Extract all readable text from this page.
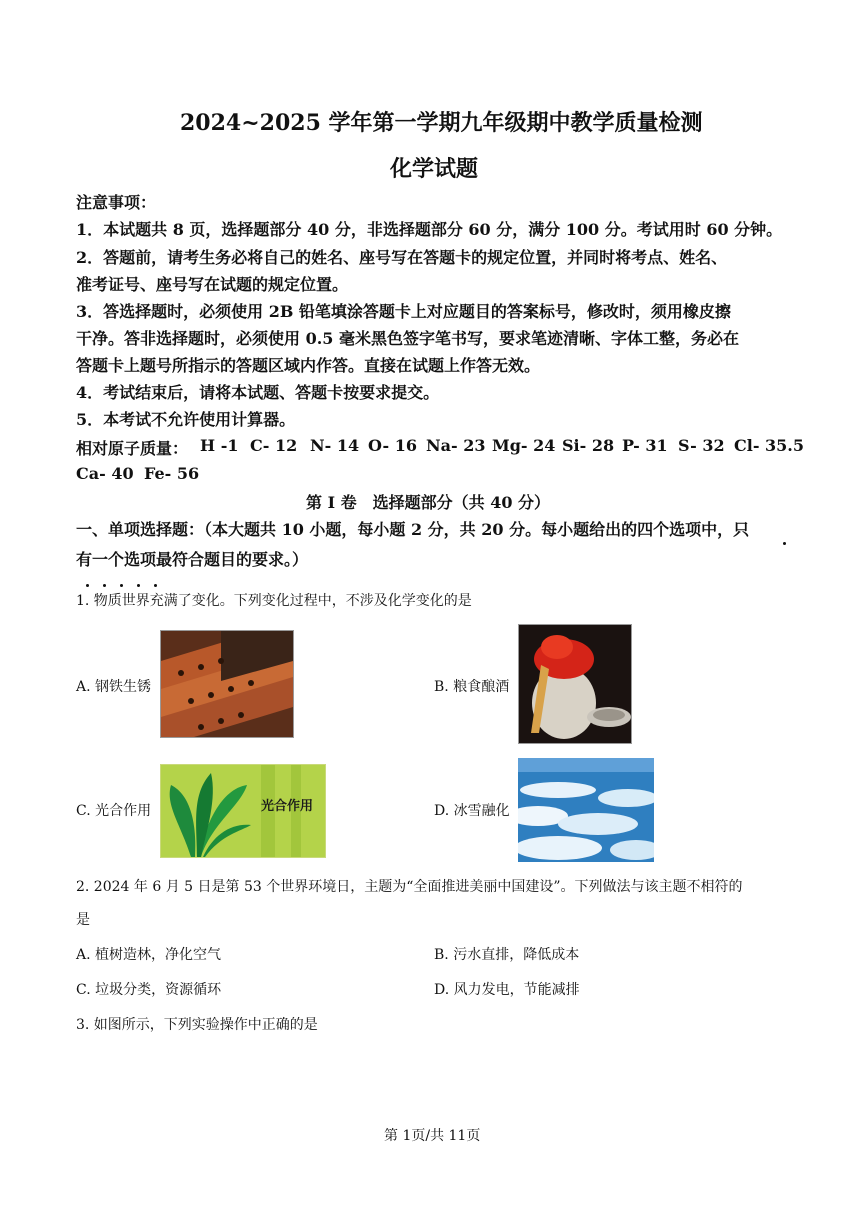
2024~2025 学年第一学期九年级期中教学质量检测
化学试题
注意事项：
1．本试题共 8 页，选择题部分 40 分，非选择题部分 60 分，满分 100 分。考试用时 60 分钟。
2．答题前，请考生务必将自己的姓名、座号写在答题卡的规定位置，并同时将考点、姓名、
准考证号、座号写在试题的规定位置。
3．答选择题时，必须使用 2B 铅笔填涂答题卡上对应题目的答案标号，修改时，须用橡皮擦
干净。答非选择题时，必须使用 0.5 毫米黑色签字笔书写，要求笔迹清晰、字体工整，务必在
答题卡上题号所指示的答题区域内作答。直接在试题上作答无效。
4．考试结束后，请将本试题、答题卡按要求提交。
5．本考试不允许使用计算器。
相对原子质量： H -1 C- 12 N- 14 O- 16 Na- 23 Mg- 24 Si- 28 P- 31 S- 32 Cl- 35.5
Ca- 40 Fe- 56
第 I 卷　选择题部分（共 40 分）
一、单项选择题：（本大题共 10 小题，每小题 2 分，共 20 分。每小题给出的四个选项中，只
有一个选项最符合题目的要求。）
1. 物质世界充满了变化。下列变化过程中，不涉及化学变化的是
A. 钢铁生锈	B. 粮食酿酒
C. 光合作用	光合作用	D. 冰雪融化
2. 2024 年 6 月 5 日是第 53 个世界环境日，主题为“全面推进美丽中国建设”。下列做法与该主题不相符的
是
A. 植树造林，净化空气	B. 污水直排，降低成本
C. 垃圾分类，资源循环	D. 风力发电，节能减排
3. 如图所示，下列实验操作中正确的是
第 1页/共 11页
